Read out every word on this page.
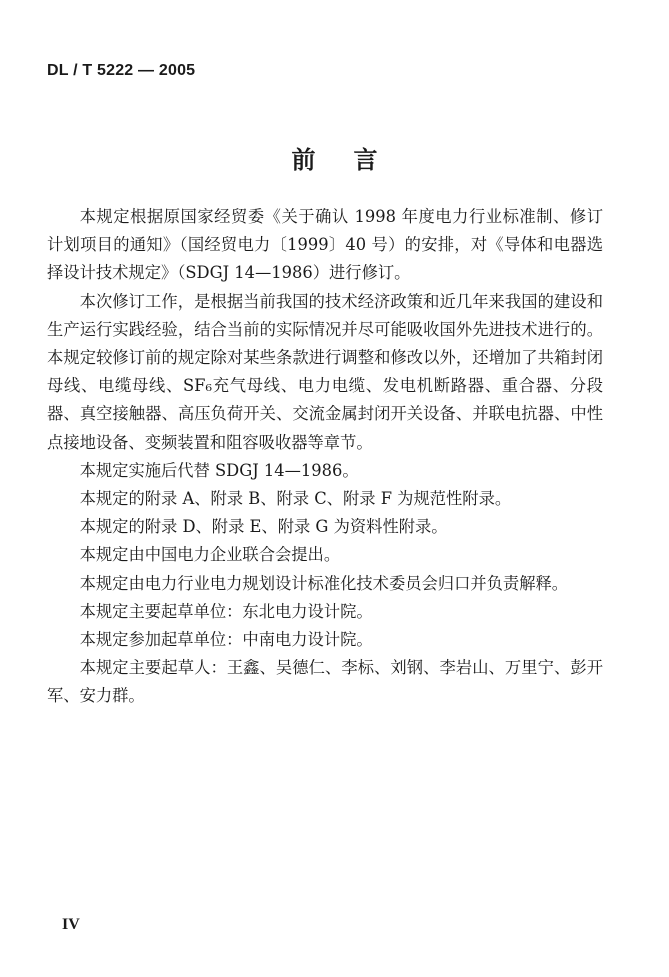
DL / T 5222 — 2005
前言

本规定根据原国家经贸委《关于确认 1998 年度电力行业标准制、修订计划项目的通知》（国经贸电力〔1999〕40 号）的安排，对《导体和电器选择设计技术规定》（SDGJ 14—1986）进行修订。

本次修订工作，是根据当前我国的技术经济政策和近几年来我国的建设和生产运行实践经验，结合当前的实际情况并尽可能吸收国外先进技术进行的。本规定较修订前的规定除对某些条款进行调整和修改以外，还增加了共箱封闭母线、电缆母线、SF₆充气母线、电力电缆、发电机断路器、重合器、分段器、真空接触器、高压负荷开关、交流金属封闭开关设备、并联电抗器、中性点接地设备、变频装置和阻容吸收器等章节。

本规定实施后代替 SDGJ 14—1986。

本规定的附录 A、附录 B、附录 C、附录 F 为规范性附录。

本规定的附录 D、附录 E、附录 G 为资料性附录。

本规定由中国电力企业联合会提出。

本规定由电力行业电力规划设计标准化技术委员会归口并负责解释。

本规定主要起草单位：东北电力设计院。

本规定参加起草单位：中南电力设计院。

本规定主要起草人：王鑫、吴德仁、李标、刘钢、李岩山、万里宁、彭开军、安力群。

IV
